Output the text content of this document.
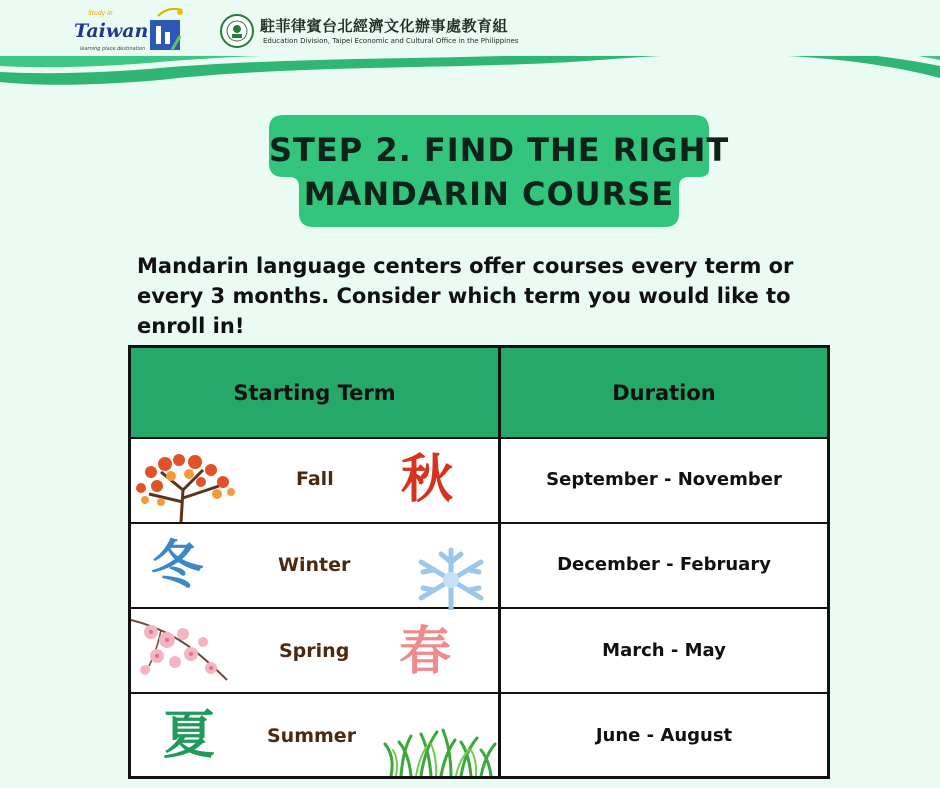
Study in
Taiwan
learning place destination
駐菲律賓台北經濟文化辦事處教育組
Education Division, Taipei Economic and Cultural Office in the Philippines
STEP 2. FIND THE RIGHT
MANDARIN COURSE
Mandarin language centers offer courses every term or every 3 months. Consider which term you would like to enroll in!
Starting Term	Duration
Fall 秋	September - November
冬	Winter	December - February
Spring 春	March - May
夏	Summer	June - August
